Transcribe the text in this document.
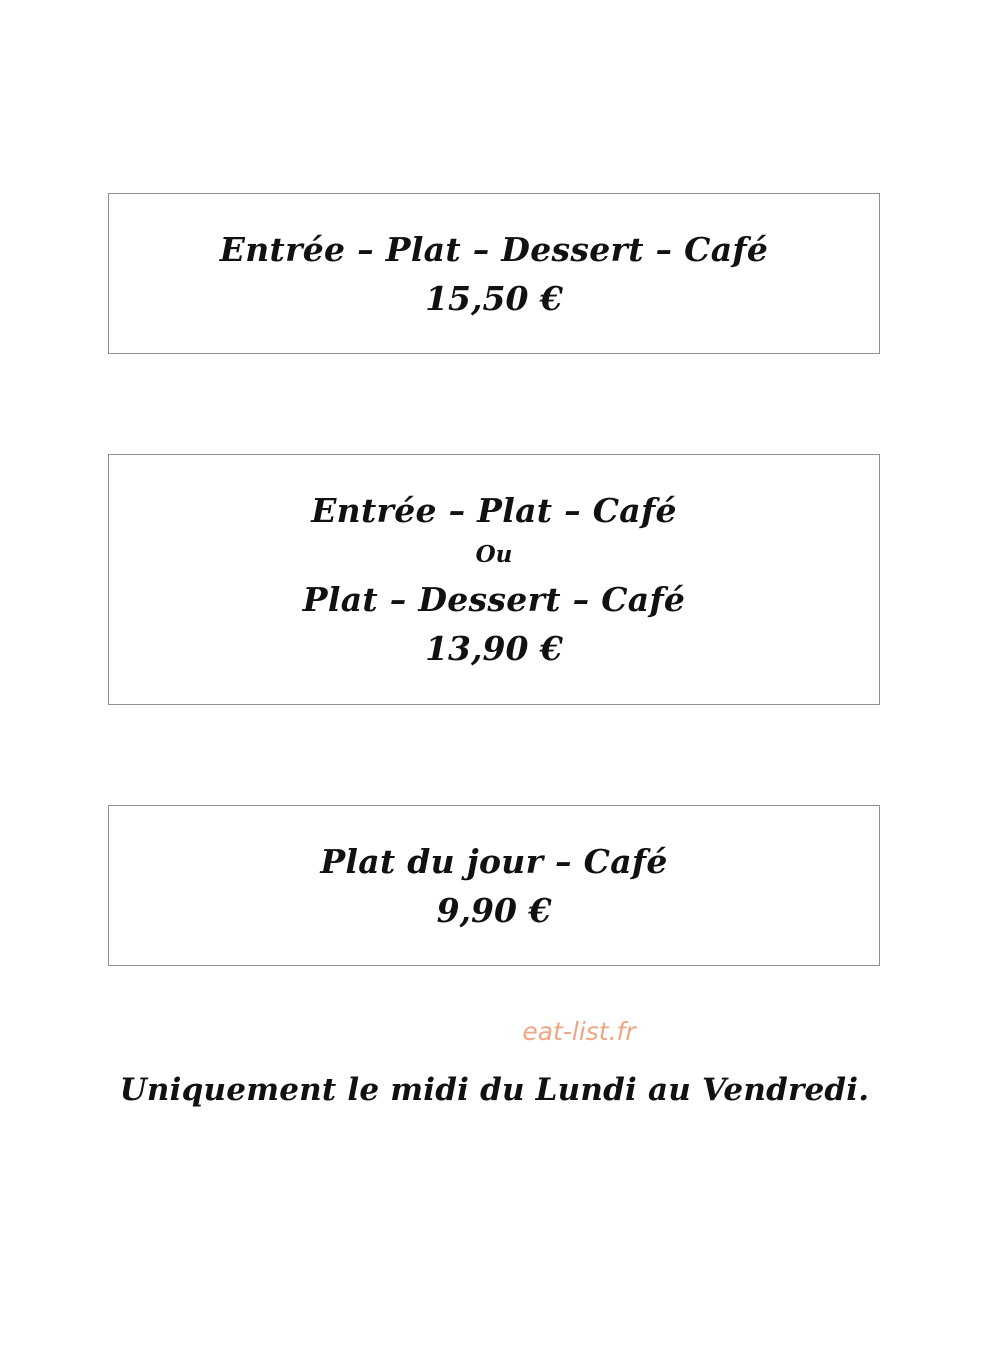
Entrée – Plat – Dessert – Café
15,50 €
Entrée – Plat – Café
Ou
Plat – Dessert – Café
13,90 €
Plat du jour – Café
9,90 €
eat-list.fr
Uniquement le midi du Lundi au Vendredi.
